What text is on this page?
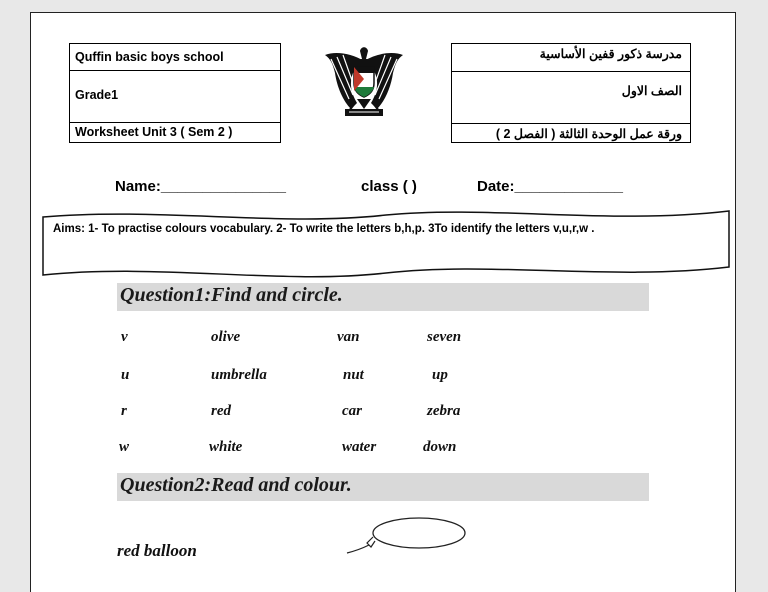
Quffin basic boys school
Grade1
Worksheet Unit 3 ( Sem 2 )
مدرسة ذكور قفين الأساسية
الصف الاول
ورقة عمل الوحدة الثالثة ( الفصل 2 )
Name:_______________	class ( )	Date:_____________
Aims: 1- To practise colours vocabulary. 2- To write the letters b,h,p. 3To identify the letters v,u,r,w .
Question1:Find and circle.
v	olive	van	seven
u	umbrella	nut	up
r	red	car	zebra
w	white	water	down
Question2:Read and colour.
red balloon
